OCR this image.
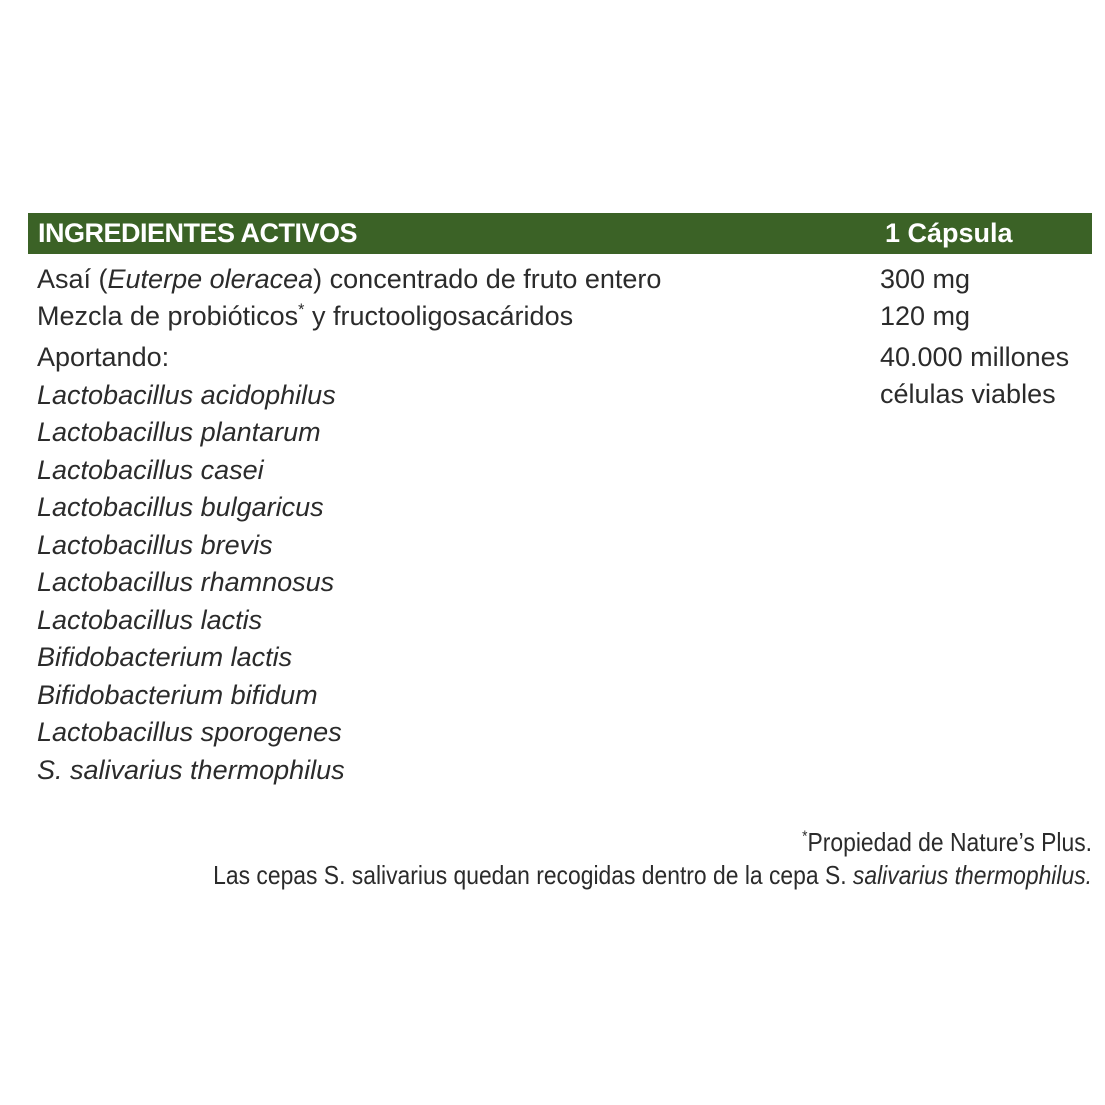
INGREDIENTES ACTIVOS	1 Cápsula
Asaí (Euterpe oleracea) concentrado de fruto entero
Mezcla de probióticos* y fructooligosacáridos
300 mg
120 mg
Aportando:
Lactobacillus acidophilus
Lactobacillus plantarum
Lactobacillus casei
Lactobacillus bulgaricus
Lactobacillus brevis
Lactobacillus rhamnosus
Lactobacillus lactis
Bifidobacterium lactis
Bifidobacterium bifidum
Lactobacillus sporogenes
S. salivarius thermophilus
40.000 millones células viables
*Propiedad de Nature’s Plus.
Las cepas S. salivarius quedan recogidas dentro de la cepa S. salivarius thermophilus.
